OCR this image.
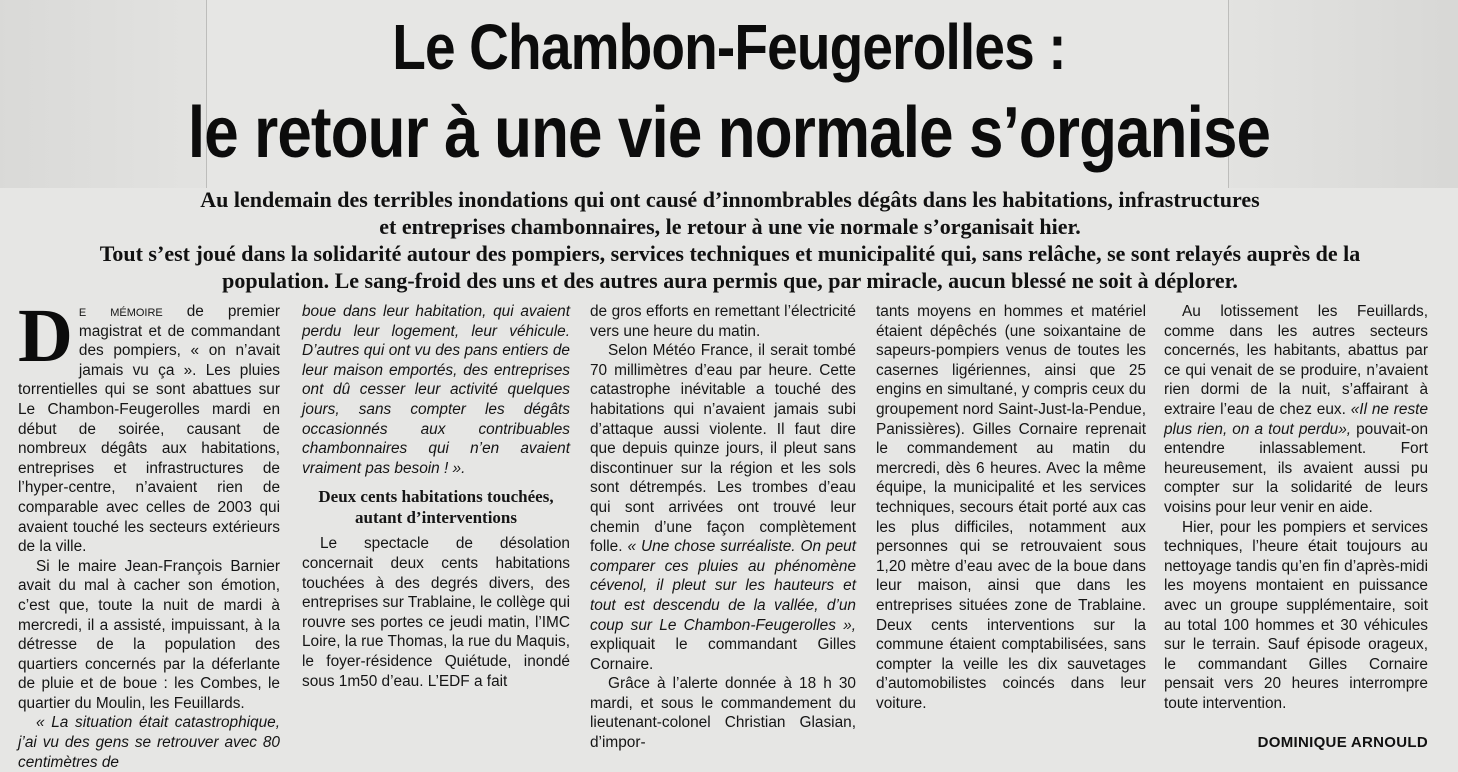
Le Chambon-Feugerolles :
le retour à une vie normale s’organise

Au lendemain des terribles inondations qui ont causé d’innombrables dégâts dans les habitations, infrastructures et entreprises chambonnaires, le retour à une vie normale s’organisait hier.

Tout s’est joué dans la solidarité autour des pompiers, services techniques et municipalité qui, sans relâche, se sont relayés auprès de la population. Le sang-froid des uns et des autres aura permis que, par miracle, aucun blessé ne soit à déplorer.

De mémoire de premier magistrat et de commandant des pompiers, « on n’avait jamais vu ça ». Les pluies torrentielles qui se sont abattues sur Le Chambon-Feugerolles mardi en début de soirée, causant de nombreux dégâts aux habitations, entreprises et infrastructures de l’hyper-centre, n’avaient rien de comparable avec celles de 2003 qui avaient touché les secteurs extérieurs de la ville.

Si le maire Jean-François Barnier avait du mal à cacher son émotion, c’est que, toute la nuit de mardi à mercredi, il a assisté, impuissant, à la détresse de la population des quartiers concernés par la déferlante de pluie et de boue : les Combes, le quartier du Moulin, les Feuillards.

« La situation était catastrophique, j’ai vu des gens se retrouver avec 80 centimètres de

boue dans leur habitation, qui avaient perdu leur logement, leur véhicule. D’autres qui ont vu des pans entiers de leur maison emportés, des entreprises ont dû cesser leur activité quelques jours, sans compter les dégâts occasionnés aux contribuables chambonnaires qui n’en avaient vraiment pas besoin ! ».

Deux cents habitations touchées,
autant d’interventions

Le spectacle de désolation concernait deux cents habitations touchées à des degrés divers, des entreprises sur Trablaine, le collège qui rouvre ses portes ce jeudi matin, l’IMC Loire, la rue Thomas, la rue du Maquis, le foyer-résidence Quiétude, inondé sous 1m50 d’eau. L’EDF a fait

de gros efforts en remettant l’électricité vers une heure du matin.

Selon Météo France, il serait tombé 70 millimètres d’eau par heure. Cette catastrophe inévitable a touché des habitations qui n’avaient jamais subi d’attaque aussi violente. Il faut dire que depuis quinze jours, il pleut sans discontinuer sur la région et les sols sont détrempés. Les trombes d’eau qui sont arrivées ont trouvé leur chemin d’une façon complètement folle. « Une chose surréaliste. On peut comparer ces pluies au phénomène cévenol, il pleut sur les hauteurs et tout est descendu de la vallée, d’un coup sur Le Chambon-Feugerolles », expliquait le commandant Gilles Cornaire.

Grâce à l’alerte donnée à 18 h 30 mardi, et sous le commandement du lieutenant-colonel Christian Glasian, d’impor-

tants moyens en hommes et matériel étaient dépêchés (une soixantaine de sapeurs-pompiers venus de toutes les casernes ligériennes, ainsi que 25 engins en simultané, y compris ceux du groupement nord Saint-Just-la-Pendue, Panissières). Gilles Cornaire reprenait le commandement au matin du mercredi, dès 6 heures. Avec la même équipe, la municipalité et les services techniques, secours était porté aux cas les plus difficiles, notamment aux personnes qui se retrouvaient sous 1,20 mètre d’eau avec de la boue dans leur maison, ainsi que dans les entreprises situées zone de Trablaine. Deux cents interventions sur la commune étaient comptabilisées, sans compter la veille les dix sauvetages d’automobilistes coincés dans leur voiture.

Au lotissement les Feuillards, comme dans les autres secteurs concernés, les habitants, abattus par ce qui venait de se produire, n’avaient rien dormi de la nuit, s’affairant à extraire l’eau de chez eux. «Il ne reste plus rien, on a tout perdu», pouvait-on entendre inlassablement. Fort heureusement, ils avaient aussi pu compter sur la solidarité de leurs voisins pour leur venir en aide.

Hier, pour les pompiers et services techniques, l’heure était toujours au nettoyage tandis qu’en fin d’après-midi les moyens montaient en puissance avec un groupe supplémentaire, soit au total 100 hommes et 30 véhicules sur le terrain. Sauf épisode orageux, le commandant Gilles Cornaire pensait vers 20 heures interrompre toute intervention.

DOMINIQUE ARNOULD
